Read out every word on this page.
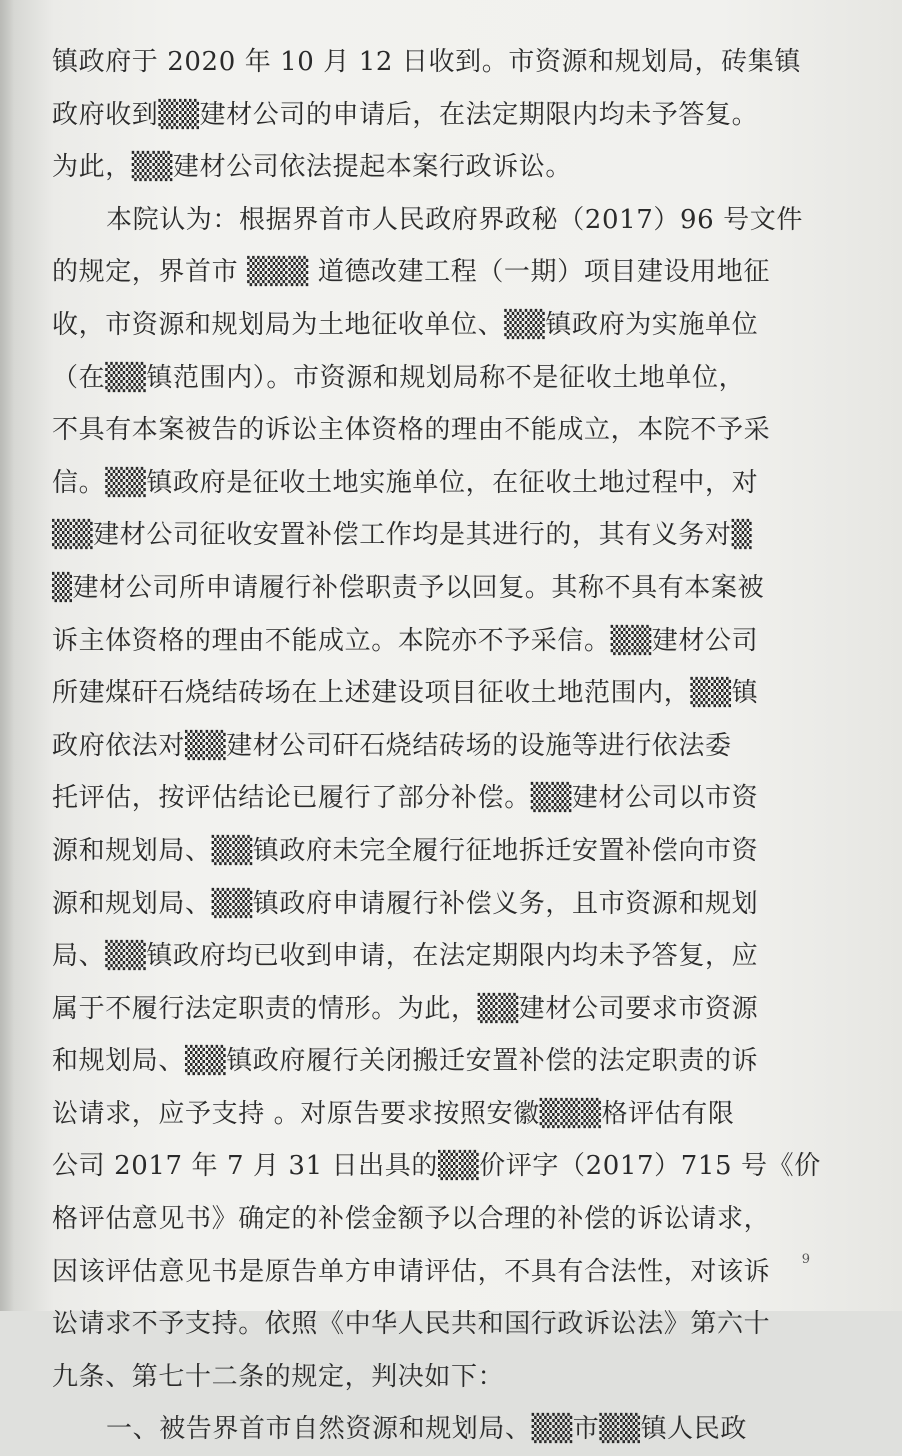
镇政府于 2020 年 10 月 12 日收到。市资源和规划局，砖集镇
政府收到▒▒建材公司的申请后，在法定期限内均未予答复。
为此，▒▒建材公司依法提起本案行政诉讼。
本院认为：根据界首市人民政府界政秘（2017）96 号文件
的规定，界首市 ▒▒▒ 道德改建工程（一期）项目建设用地征
收，市资源和规划局为土地征收单位、▒▒镇政府为实施单位
（在▒▒镇范围内）。市资源和规划局称不是征收土地单位，
不具有本案被告的诉讼主体资格的理由不能成立，本院不予采
信。▒▒镇政府是征收土地实施单位，在征收土地过程中，对
▒▒建材公司征收安置补偿工作均是其进行的，其有义务对▒
▒建材公司所申请履行补偿职责予以回复。其称不具有本案被
诉主体资格的理由不能成立。本院亦不予采信。▒▒建材公司
所建煤矸石烧结砖场在上述建设项目征收土地范围内，▒▒镇
政府依法对▒▒建材公司矸石烧结砖场的设施等进行依法委
托评估，按评估结论已履行了部分补偿。▒▒建材公司以市资
源和规划局、▒▒镇政府未完全履行征地拆迁安置补偿向市资
源和规划局、▒▒镇政府申请履行补偿义务，且市资源和规划
局、▒▒镇政府均已收到申请，在法定期限内均未予答复，应
属于不履行法定职责的情形。为此，▒▒建材公司要求市资源
和规划局、▒▒镇政府履行关闭搬迁安置补偿的法定职责的诉
讼请求，应予支持 。对原告要求按照安徽▒▒▒格评估有限
公司 2017 年 7 月 31 日出具的▒▒价评字（2017）715 号《价
格评估意见书》确定的补偿金额予以合理的补偿的诉讼请求，
因该评估意见书是原告单方申请评估，不具有合法性，对该诉
讼请求不予支持。依照《中华人民共和国行政诉讼法》第六十
九条、第七十二条的规定，判决如下：
一、被告界首市自然资源和规划局、▒▒市▒▒镇人民政
9
